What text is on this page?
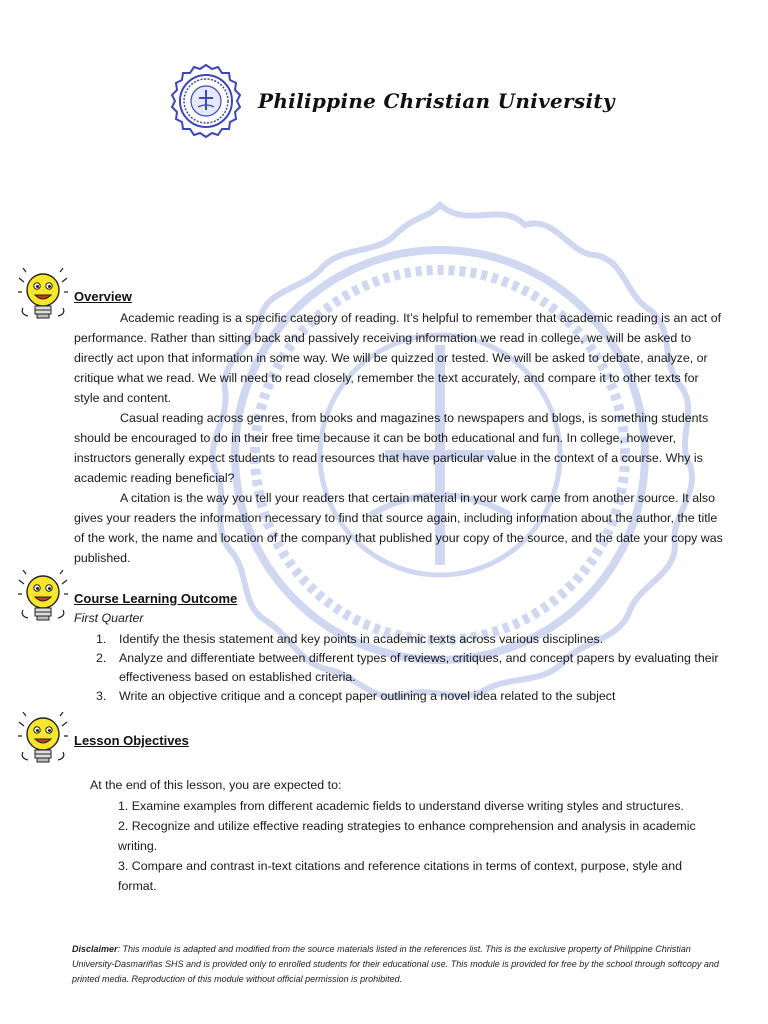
Philippine Christian University
Overview

Academic reading is a specific category of reading. It’s helpful to remember that academic reading is an act of performance. Rather than sitting back and passively receiving information we read in college, we will be asked to directly act upon that information in some way. We will be quizzed or tested. We will be asked to debate, analyze, or critique what we read. We will need to read closely, remember the text accurately, and compare it to other texts for style and content.

Casual reading across genres, from books and magazines to newspapers and blogs, is something students should be encouraged to do in their free time because it can be both educational and fun. In college, however, instructors generally expect students to read resources that have particular value in the context of a course. Why is academic reading beneficial?

A citation is the way you tell your readers that certain material in your work came from another source. It also gives your readers the information necessary to find that source again, including information about the author, the title of the work, the name and location of the company that published your copy of the source, and the date your copy was published.

Course Learning Outcome
First Quarter
1. Identify the thesis statement and key points in academic texts across various disciplines.
2. Analyze and differentiate between different types of reviews, critiques, and concept papers by evaluating their effectiveness based on established criteria.
3. Write an objective critique and a concept paper outlining a novel idea related to the subject
Lesson Objectives
At the end of this lesson, you are expected to:
1. Examine examples from different academic fields to understand diverse writing styles and structures.
2. Recognize and utilize effective reading strategies to enhance comprehension and analysis in academic writing.
3. Compare and contrast in-text citations and reference citations in terms of context, purpose, style and format.

Disclaimer: This module is adapted and modified from the source materials listed in the references list. This is the exclusive property of Philippine Christian University-Dasmariñas SHS and is provided only to enrolled students for their educational use. This module is provided for free by the school through softcopy and printed media. Reproduction of this module without official permission is prohibited.
